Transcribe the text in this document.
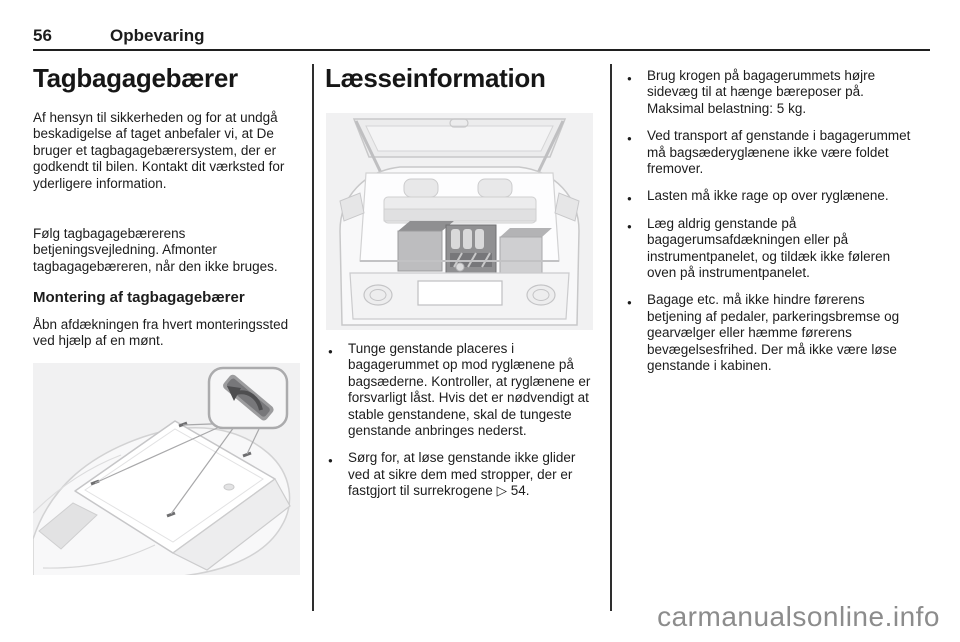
56	Opbevaring
Tagbagagebærer

Af hensyn til sikkerheden og for at undgå beskadigelse af taget anbefaler vi, at De bruger et tagbagagebærersystem, der er godkendt til bilen. Kontakt dit værksted for yderligere information.

Følg tagbagagebærerens betjeningsvejledning. Afmonter tagbagagebæreren, når den ikke bruges.

Montering af tagbagagebærer

Åbn afdækningen fra hvert monteringssted ved hjælp af en mønt.

Læsseinformation
● Tunge genstande placeres i bagagerummet op mod ryglænene på bagsæderne. Kontroller, at ryglænene er forsvarligt låst. Hvis det er nødvendigt at stable genstandene, skal de tungeste genstande anbringes nederst.
● Sørg for, at løse genstande ikke glider ved at sikre dem med stropper, der er fastgjort til surrekrogene ▷ 54.
● Brug krogen på bagagerummets højre sidevæg til at hænge bæreposer på. Maksimal belastning: 5 kg.
● Ved transport af genstande i bagagerummet må bagsæderyglænene ikke være foldet fremover.
● Lasten må ikke rage op over ryglænene.
● Læg aldrig genstande på bagagerumsafdækningen eller på instrumentpanelet, og tildæk ikke føleren oven på instrumentpanelet.
● Bagage etc. må ikke hindre førerens betjening af pedaler, parkeringsbremse og gearvælger eller hæmme førerens bevægelsesfrihed. Der må ikke være løse genstande i kabinen.
carmanualsonline.info
